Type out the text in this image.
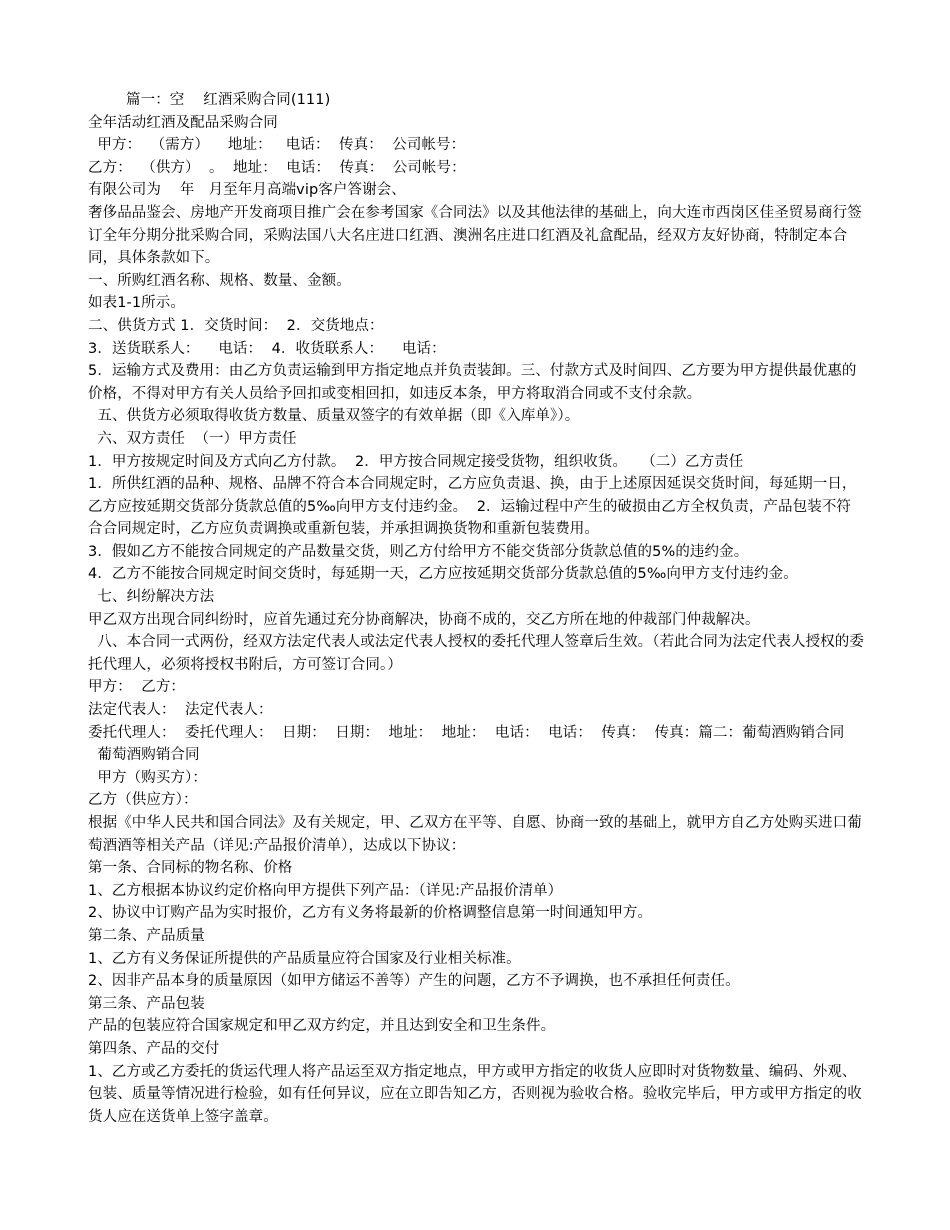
篇一：空    红酒采购合同(111)

全年活动红酒及配品采购合同

甲方：  （需方）    地址：   电话：  传真：  公司帐号：

乙方：  （供方）  。  地址：  电话：  传真：  公司帐号：

有限公司为    年   月至年月高端vip客户答谢会、

奢侈品品鉴会、房地产开发商项目推广会在参考国家《合同法》以及其他法律的基础上，向大连市西岗区佳圣贸易商行签订全年分期分批采购合同，采购法国八大名庄进口红酒、澳洲名庄进口红酒及礼盒配品，经双方友好协商，特制定本合同，具体条款如下。

一、所购红酒名称、规格、数量、金额。

如表1-1所示。

二、供货方式 1．交货时间：  2．交货地点：

3．送货联系人：    电话：  4．收货联系人：    电话：

5．运输方式及费用：由乙方负责运输到甲方指定地点并负责装卸。三、付款方式及时间四、乙方要为甲方提供最优惠的价格，不得对甲方有关人员给予回扣或变相回扣，如违反本条，甲方将取消合同或不支付余款。

五、供货方必须取得收货方数量、质量双签字的有效单据（即《入库单》）。

六、双方责任  （一）甲方责任

1．甲方按规定时间及方式向乙方付款。  2．甲方按合同规定接受货物，组织收货。   （二）乙方责任

1．所供红酒的品种、规格、品牌不符合本合同规定时，乙方应负责退、换，由于上述原因延误交货时间，每延期一日，乙方应按延期交货部分货款总值的5‰向甲方支付违约金。  2．运输过程中产生的破损由乙方全权负责，产品包装不符合合同规定时，乙方应负责调换或重新包装，并承担调换货物和重新包装费用。

3．假如乙方不能按合同规定的产品数量交货，则乙方付给甲方不能交货部分货款总值的5%的违约金。

4．乙方不能按合同规定时间交货时，每延期一天，乙方应按延期交货部分货款总值的5‰向甲方支付违约金。

七、纠纷解决方法

甲乙双方出现合同纠纷时，应首先通过充分协商解决，协商不成的，交乙方所在地的仲裁部门仲裁解决。

八、本合同一式两份，经双方法定代表人或法定代表人授权的委托代理人签章后生效。（若此合同为法定代表人授权的委托代理人，必须将授权书附后，方可签订合同。）

甲方：  乙方：

法定代表人：  法定代表人：

委托代理人：  委托代理人：  日期：  日期：  地址：  地址：  电话：  电话：  传真：  传真：篇二：葡萄酒购销合同

葡萄酒购销合同

甲方（购买方）：

乙方（供应方）：

根据《中华人民共和国合同法》及有关规定，甲、乙双方在平等、自愿、协商一致的基础上，就甲方自乙方处购买进口葡萄酒酒等相关产品（详见:产品报价清单），达成以下协议：

第一条、合同标的物名称、价格

1、乙方根据本协议约定价格向甲方提供下列产品：（详见:产品报价清单）

2、协议中订购产品为实时报价，乙方有义务将最新的价格调整信息第一时间通知甲方。

第二条、产品质量

1、乙方有义务保证所提供的产品质量应符合国家及行业相关标准。

2、因非产品本身的质量原因（如甲方储运不善等）产生的问题，乙方不予调换，也不承担任何责任。

第三条、产品包装

产品的包装应符合国家规定和甲乙双方约定，并且达到安全和卫生条件。

第四条、产品的交付

1、乙方或乙方委托的货运代理人将产品运至双方指定地点，甲方或甲方指定的收货人应即时对货物数量、编码、外观、包装、质量等情况进行检验，如有任何异议，应在立即告知乙方，否则视为验收合格。验收完毕后，甲方或甲方指定的收货人应在送货单上签字盖章。
